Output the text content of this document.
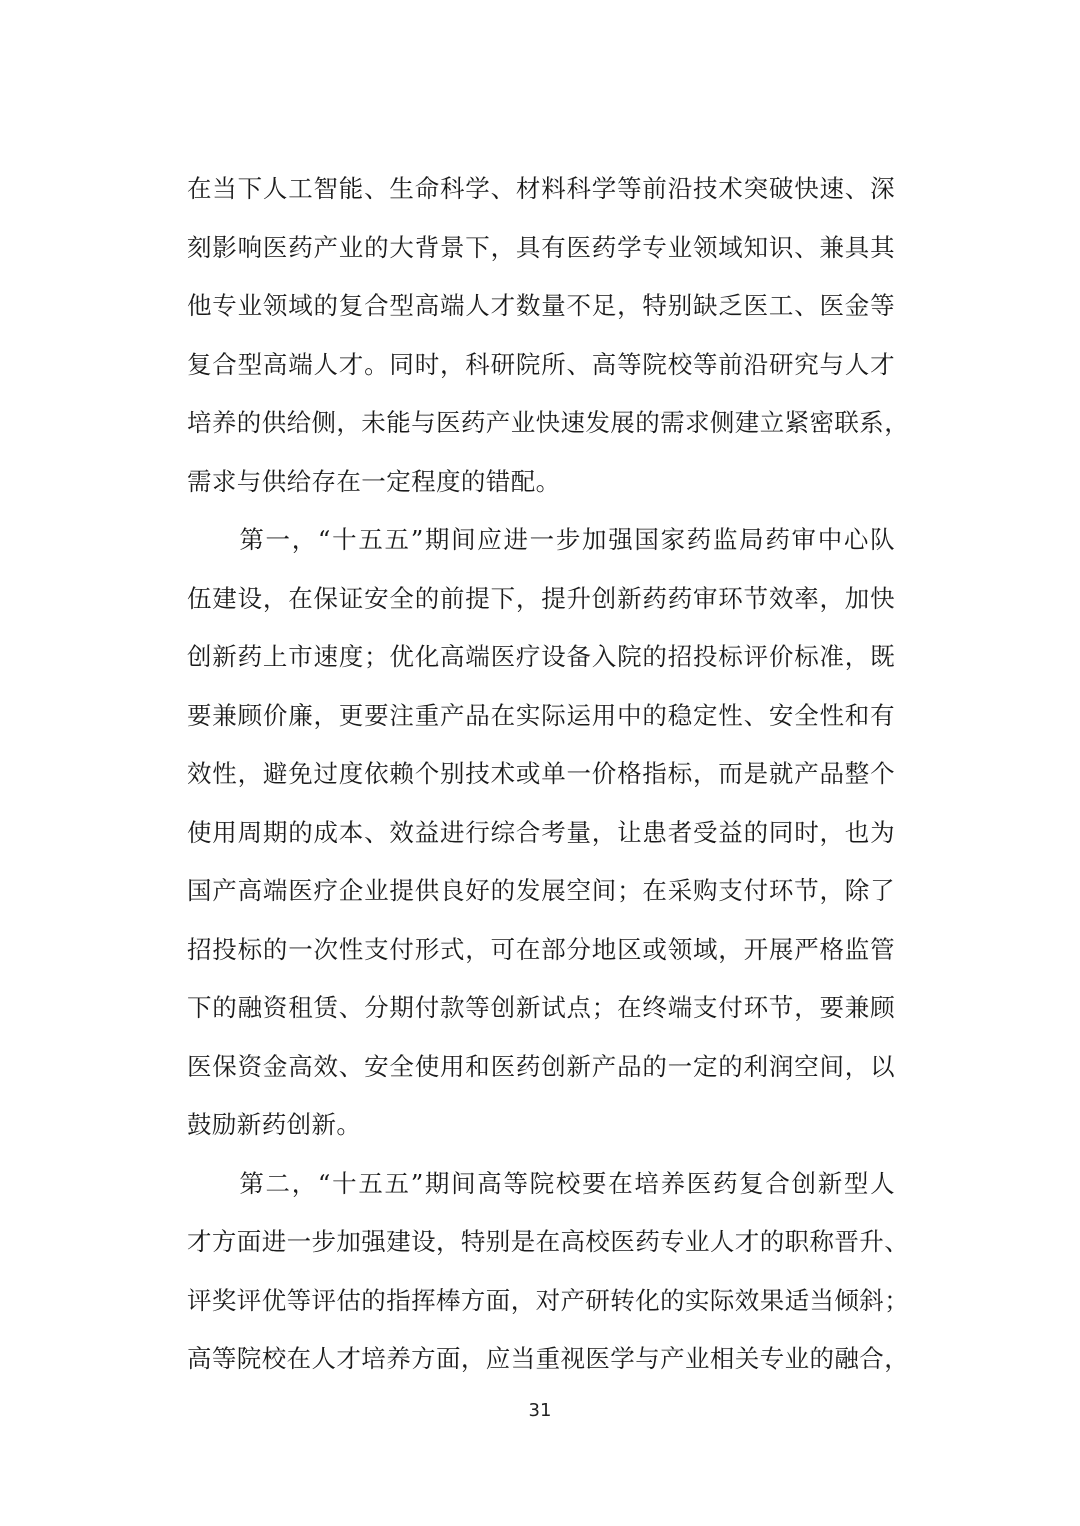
在当下人工智能、生命科学、材料科学等前沿技术突破快速、深
刻影响医药产业的大背景下，具有医药学专业领域知识、兼具其
他专业领域的复合型高端人才数量不足，特别缺乏医工、医金等
复合型高端人才。同时，科研院所、高等院校等前沿研究与人才
培养的供给侧，未能与医药产业快速发展的需求侧建立紧密联系，
需求与供给存在一定程度的错配。
　　第一，“十五五”期间应进一步加强国家药监局药审中心队
伍建设，在保证安全的前提下，提升创新药药审环节效率，加快
创新药上市速度；优化高端医疗设备入院的招投标评价标准，既
要兼顾价廉，更要注重产品在实际运用中的稳定性、安全性和有
效性，避免过度依赖个别技术或单一价格指标，而是就产品整个
使用周期的成本、效益进行综合考量，让患者受益的同时，也为
国产高端医疗企业提供良好的发展空间；在采购支付环节，除了
招投标的一次性支付形式，可在部分地区或领域，开展严格监管
下的融资租赁、分期付款等创新试点；在终端支付环节，要兼顾
医保资金高效、安全使用和医药创新产品的一定的利润空间，以
鼓励新药创新。
　　第二，“十五五”期间高等院校要在培养医药复合创新型人
才方面进一步加强建设，特别是在高校医药专业人才的职称晋升、
评奖评优等评估的指挥棒方面，对产研转化的实际效果适当倾斜；
高等院校在人才培养方面，应当重视医学与产业相关专业的融合，
31
